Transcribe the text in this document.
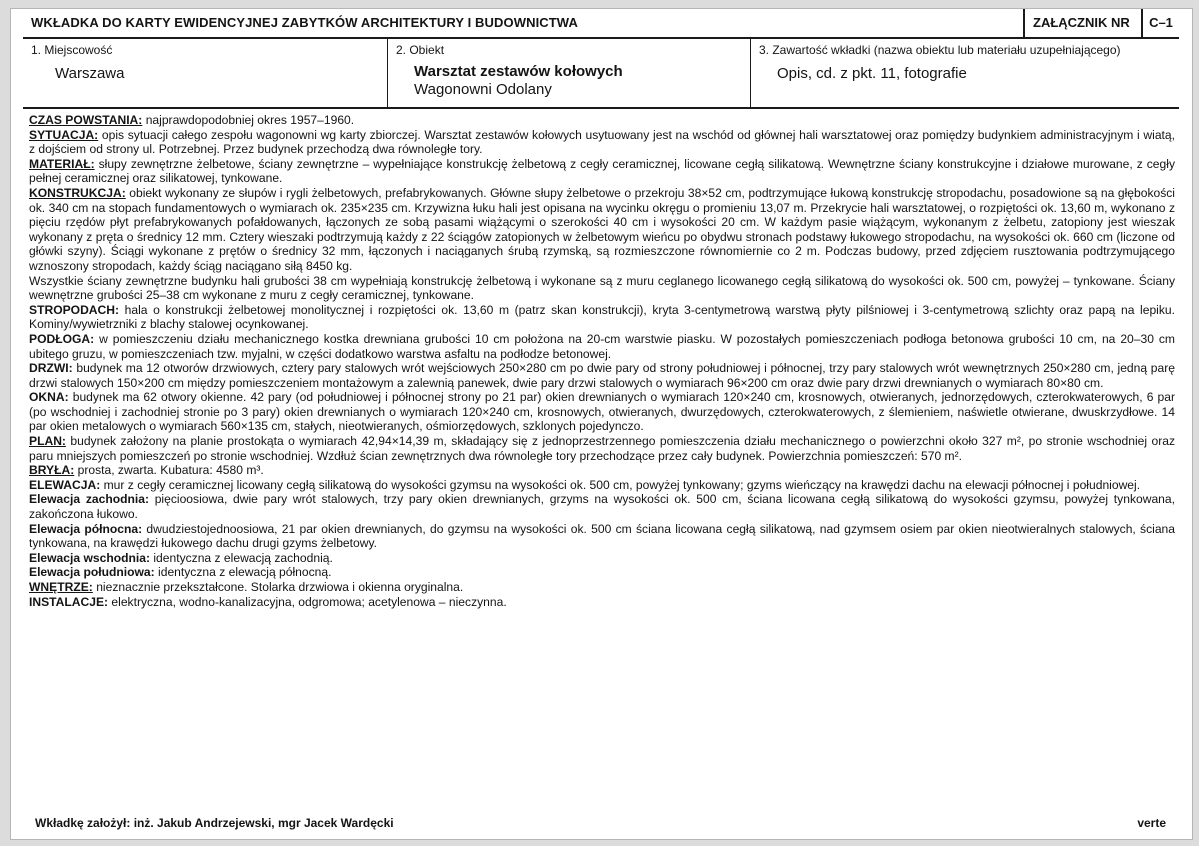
WKŁADKA DO KARTY EWIDENCYJNEJ ZABYTKÓW ARCHITEKTURY I BUDOWNICTWA	ZAŁĄCZNIK NR	C–1
1. Miejscowość
Warszawa
2. Obiekt
Warsztat zestawów kołowych
Wagonowni Odolany
3. Zawartość wkładki (nazwa obiektu lub materiału uzupełniającego)
Opis, cd. z pkt. 11, fotografie

CZAS POWSTANIA: najprawdopodobniej okres 1957–1960.

SYTUACJA: opis sytuacji całego zespołu wagonowni wg karty zbiorczej. Warsztat zestawów kołowych usytuowany jest na wschód od głównej hali warsztatowej oraz pomiędzy budynkiem administracyjnym i wiatą, z dojściem od strony ul. Potrzebnej. Przez budynek przechodzą dwa równoległe tory.

MATERIAŁ: słupy zewnętrzne żelbetowe, ściany zewnętrzne – wypełniające konstrukcję żelbetową z cegły ceramicznej, licowane cegłą silikatową. Wewnętrzne ściany konstrukcyjne i działowe murowane, z cegły pełnej ceramicznej oraz silikatowej, tynkowane.

KONSTRUKCJA: obiekt wykonany ze słupów i rygli żelbetowych, prefabrykowanych. Główne słupy żelbetowe o przekroju 38×52 cm, podtrzymujące łukową konstrukcję stropodachu, posadowione są na głębokości ok. 340 cm na stopach fundamentowych o wymiarach ok. 235×235 cm. Krzywizna łuku hali jest opisana na wycinku okręgu o promieniu 13,07 m. Przekrycie hali warsztatowej, o rozpiętości ok. 13,60 m, wykonano z pięciu rzędów płyt prefabrykowanych pofałdowanych, łączonych ze sobą pasami wiążącymi o szerokości 40 cm i wysokości 20 cm. W każdym pasie wiążącym, wykonanym z żelbetu, zatopiony jest wieszak wykonany z pręta o średnicy 12 mm. Cztery wieszaki podtrzymują każdy z 22 ściągów zatopionych w żelbetowym wieńcu po obydwu stronach podstawy łukowego stropodachu, na wysokości ok. 660 cm (liczone od główki szyny). Ściągi wykonane z prętów o średnicy 32 mm, łączonych i naciąganych śrubą rzymską, są rozmieszczone równomiernie co 2 m. Podczas budowy, przed zdjęciem rusztowania podtrzymującego wznoszony stropodach, każdy ściąg naciągano siłą 8450 kg.

Wszystkie ściany zewnętrzne budynku hali grubości 38 cm wypełniają konstrukcję żelbetową i wykonane są z muru ceglanego licowanego cegłą silikatową do wysokości ok. 500 cm, powyżej – tynkowane. Ściany wewnętrzne grubości 25–38 cm wykonane z muru z cegły ceramicznej, tynkowane.

STROPODACH: hala o konstrukcji żelbetowej monolitycznej i rozpiętości ok. 13,60 m (patrz skan konstrukcji), kryta 3-centymetrową warstwą płyty pilśniowej i 3-centymetrową szlichty oraz papą na lepiku. Kominy/wywietrzniki z blachy stalowej ocynkowanej.

PODŁOGA: w pomieszczeniu działu mechanicznego kostka drewniana grubości 10 cm położona na 20-cm warstwie piasku. W pozostałych pomieszczeniach podłoga betonowa grubości 10 cm, na 20–30 cm ubitego gruzu, w pomieszczeniach tzw. myjalni, w części dodatkowo warstwa asfaltu na podłodze betonowej.

DRZWI: budynek ma 12 otworów drzwiowych, cztery pary stalowych wrót wejściowych 250×280 cm po dwie pary od strony południowej i północnej, trzy pary stalowych wrót wewnętrznych 250×280 cm, jedną parę drzwi stalowych 150×200 cm między pomieszczeniem montażowym a zalewnią panewek, dwie pary drzwi stalowych o wymiarach 96×200 cm oraz dwie pary drzwi drewnianych o wymiarach 80×80 cm.

OKNA: budynek ma 62 otwory okienne. 42 pary (od południowej i północnej strony po 21 par) okien drewnianych o wymiarach 120×240 cm, krosnowych, otwieranych, jednorzędowych, czterokwaterowych, 6 par (po wschodniej i zachodniej stronie po 3 pary) okien drewnianych o wymiarach 120×240 cm, krosnowych, otwieranych, dwurzędowych, czterokwaterowych, z ślemieniem, naświetle otwierane, dwuskrzydłowe. 14 par okien metalowych o wymiarach 560×135 cm, stałych, nieotwieranych, ośmiorzędowych, szklonych pojedynczo.

PLAN: budynek założony na planie prostokąta o wymiarach 42,94×14,39 m, składający się z jednoprzestrzennego pomieszczenia działu mechanicznego o powierzchni około 327 m², po stronie wschodniej oraz paru mniejszych pomieszczeń po stronie wschodniej. Wzdłuż ścian zewnętrznych dwa równoległe tory przechodzące przez cały budynek. Powierzchnia pomieszczeń: 570 m².

BRYŁA: prosta, zwarta. Kubatura: 4580 m³.

ELEWACJA: mur z cegły ceramicznej licowany cegłą silikatową do wysokości gzymsu na wysokości ok. 500 cm, powyżej tynkowany; gzyms wieńczący na krawędzi dachu na elewacji północnej i południowej.

Elewacja zachodnia: pięcioosiowa, dwie pary wrót stalowych, trzy pary okien drewnianych, grzyms na wysokości ok. 500 cm, ściana licowana cegłą silikatową do wysokości gzymsu, powyżej tynkowana, zakończona łukowo.

Elewacja północna: dwudziestojednoosiowa, 21 par okien drewnianych, do gzymsu na wysokości ok. 500 cm ściana licowana cegłą silikatową, nad gzymsem osiem par okien nieotwieralnych stalowych, ściana tynkowana, na krawędzi łukowego dachu drugi gzyms żelbetowy.

Elewacja wschodnia: identyczna z elewacją zachodnią.

Elewacja południowa: identyczna z elewacją północną.

WNĘTRZE: nieznacznie przekształcone. Stolarka drzwiowa i okienna oryginalna.

INSTALACJE: elektryczna, wodno-kanalizacyjna, odgromowa; acetylenowa – nieczynna.

Wkładkę założył: inż. Jakub Andrzejewski, mgr Jacek Wardęcki	verte
